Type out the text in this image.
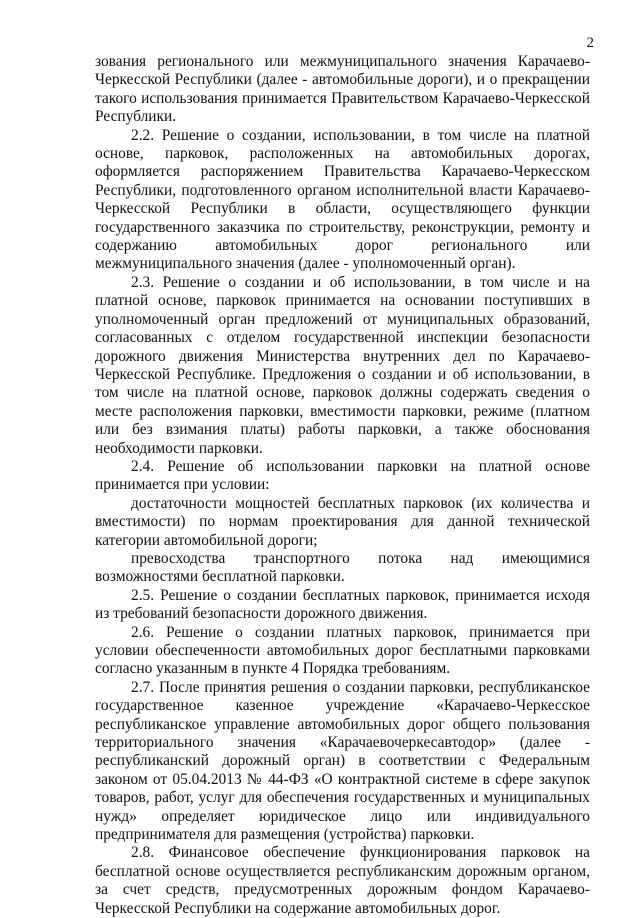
2

зования регионального или межмуниципального значения Карачаево-Черкесской Республики (далее - автомобильные дороги), и о прекращении такого использования принимается Правительством Карачаево-Черкесской Республики.

2.2. Решение о создании, использовании, в том числе на платной основе, парковок, расположенных на автомобильных дорогах, оформляется распоряжением Правительства Карачаево-Черкесском Республики, подготовленного органом исполнительной власти Карачаево-Черкесской Республики в области, осуществляющего функции государственного заказчика по строительству, реконструкции, ремонту и содержанию автомобильных дорог регионального или межмуниципального значения (далее - уполномоченный орган).

2.3. Решение о создании и об использовании, в том числе и на платной основе, парковок принимается на основании поступивших в уполномоченный орган предложений от муниципальных образований, согласованных с отделом государственной инспекции безопасности дорожного движения Министерства внутренних дел по Карачаево-Черкесской Республике. Предложения о создании и об использовании, в том числе на платной основе, парковок должны содержать сведения о месте расположения парковки, вместимости парковки, режиме (платном или без взимания платы) работы парковки, а также обоснования необходимости парковки.

2.4. Решение об использовании парковки на платной основе принимается при условии:

достаточности мощностей бесплатных парковок (их количества и вместимости) по нормам проектирования для данной технической категории автомобильной дороги;

превосходства транспортного потока над имеющимися возможностями бесплатной парковки.

2.5. Решение о создании бесплатных парковок, принимается исходя из требований безопасности дорожного движения.

2.6. Решение о создании платных парковок, принимается при условии обеспеченности автомобильных дорог бесплатными парковками согласно указанным в пункте 4 Порядка требованиям.

2.7. После принятия решения о создании парковки, республиканское государственное казенное учреждение «Карачаево-Черкесское республиканское управление автомобильных дорог общего пользования территориального значения «Карачаевочеркесавтодор» (далее - республиканский дорожный орган) в соответствии с Федеральным законом от 05.04.2013 № 44-ФЗ «О контрактной системе в сфере закупок товаров, работ, услуг для обеспечения государственных и муниципальных нужд» определяет юридическое лицо или индивидуального предпринимателя для размещения (устройства) парковки.

2.8. Финансовое обеспечение функционирования парковок на бесплатной основе осуществляется республиканским дорожным органом, за счет средств, предусмотренных дорожным фондом Карачаево-Черкесской Республики на содержание автомобильных дорог.
